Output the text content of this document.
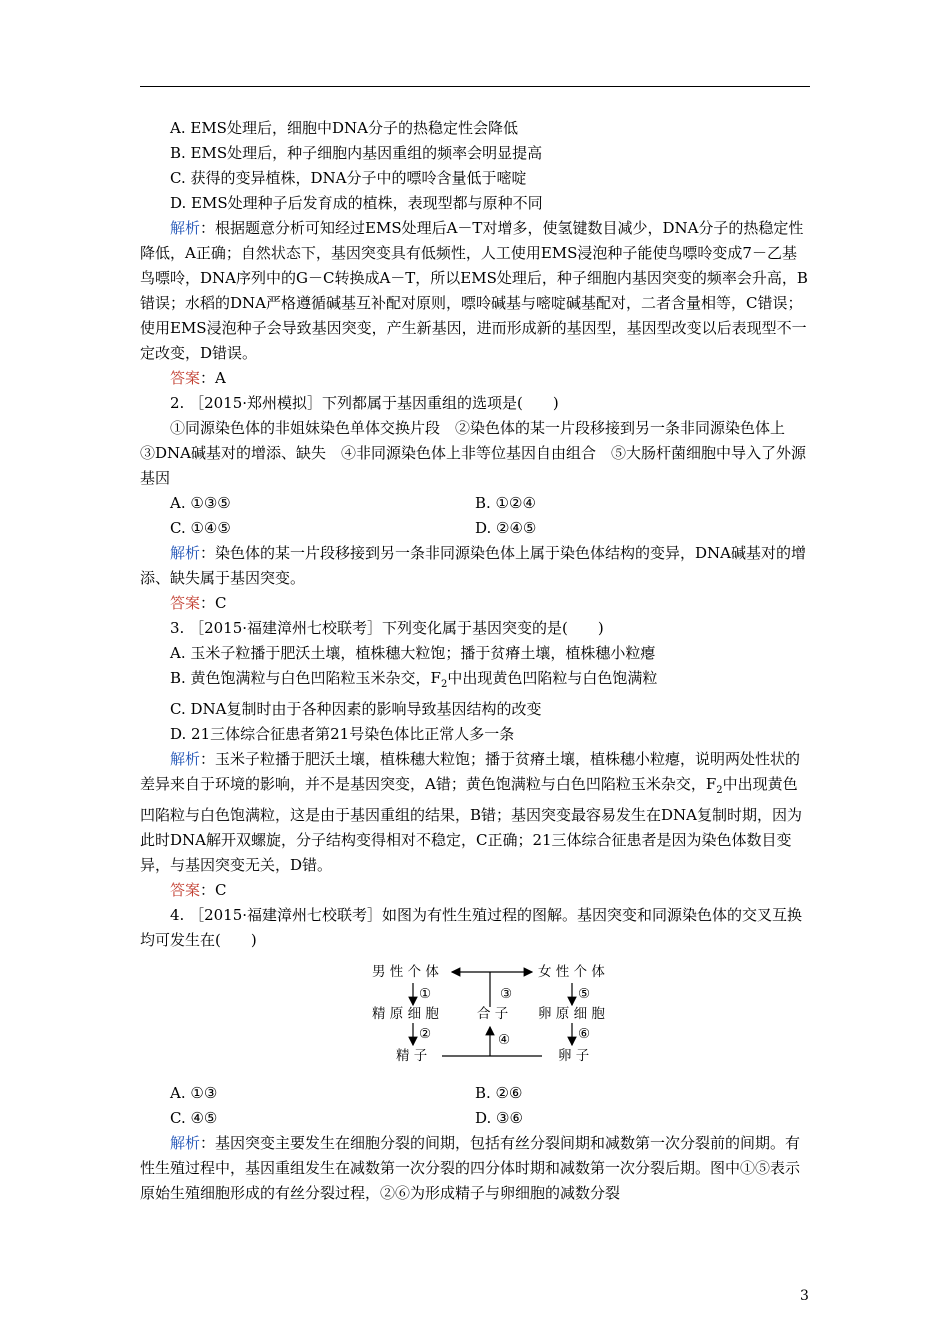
A. EMS处理后，细胞中DNA分子的热稳定性会降低

B. EMS处理后，种子细胞内基因重组的频率会明显提高

C. 获得的变异植株，DNA分子中的嘌呤含量低于嘧啶

D. EMS处理种子后发育成的植株，表现型都与原种不同

解析：根据题意分析可知经过EMS处理后A－T对增多，使氢键数目减少，DNA分子的热稳定性降低，A正确；自然状态下，基因突变具有低频性，人工使用EMS浸泡种子能使鸟嘌呤变成7－乙基鸟嘌呤，DNA序列中的G－C转换成A－T，所以EMS处理后，种子细胞内基因突变的频率会升高，B错误；水稻的DNA严格遵循碱基互补配对原则，嘌呤碱基与嘧啶碱基配对，二者含量相等，C错误；使用EMS浸泡种子会导致基因突变，产生新基因，进而形成新的基因型，基因型改变以后表现型不一定改变，D错误。

答案：A

2. ［2015·郑州模拟］下列都属于基因重组的选项是(　　)

①同源染色体的非姐妹染色单体交换片段　②染色体的某一片段移接到另一条非同源染色体上　③DNA碱基对的增添、缺失　④非同源染色体上非等位基因自由组合　⑤大肠杆菌细胞中导入了外源基因

A. ①③⑤	B. ①②④
C. ①④⑤	D. ②④⑤

解析：染色体的某一片段移接到另一条非同源染色体上属于染色体结构的变异，DNA碱基对的增添、缺失属于基因突变。

答案：C

3. ［2015·福建漳州七校联考］下列变化属于基因突变的是(　　)

A. 玉米子粒播于肥沃土壤，植株穗大粒饱；播于贫瘠土壤，植株穗小粒瘪

B. 黄色饱满粒与白色凹陷粒玉米杂交，$F_2$中出现黄色凹陷粒与白色饱满粒

C. DNA复制时由于各种因素的影响导致基因结构的改变

D. 21三体综合征患者第21号染色体比正常人多一条

解析：玉米子粒播于肥沃土壤，植株穗大粒饱；播于贫瘠土壤，植株穗小粒瘪，说明两处性状的差异来自于环境的影响，并不是基因突变，A错；黄色饱满粒与白色凹陷粒玉米杂交，$F_2$中出现黄色凹陷粒与白色饱满粒，这是由于基因重组的结果，B错；基因突变最容易发生在DNA复制时期，因为此时DNA解开双螺旋，分子结构变得相对不稳定，C正确；21三体综合征患者是因为染色体数目变异，与基因突变无关，D错。

答案：C

4. ［2015·福建漳州七校联考］如图为有性生殖过程的图解。基因突变和同源染色体的交叉互换均可发生在(　　)

男 性 个 体	女 性 个 体
①	③	⑤
精 原 细 胞	合 子 卵 原 细 胞
②	⑥
④
精 子	卵 子
A. ①③	B. ②⑥
C. ④⑤	D. ③⑥

解析：基因突变主要发生在细胞分裂的间期，包括有丝分裂间期和减数第一次分裂前的间期。有性生殖过程中，基因重组发生在减数第一次分裂的四分体时期和减数第一次分裂后期。图中①⑤表示原始生殖细胞形成的有丝分裂过程，②⑥为形成精子与卵细胞的减数分裂

3
